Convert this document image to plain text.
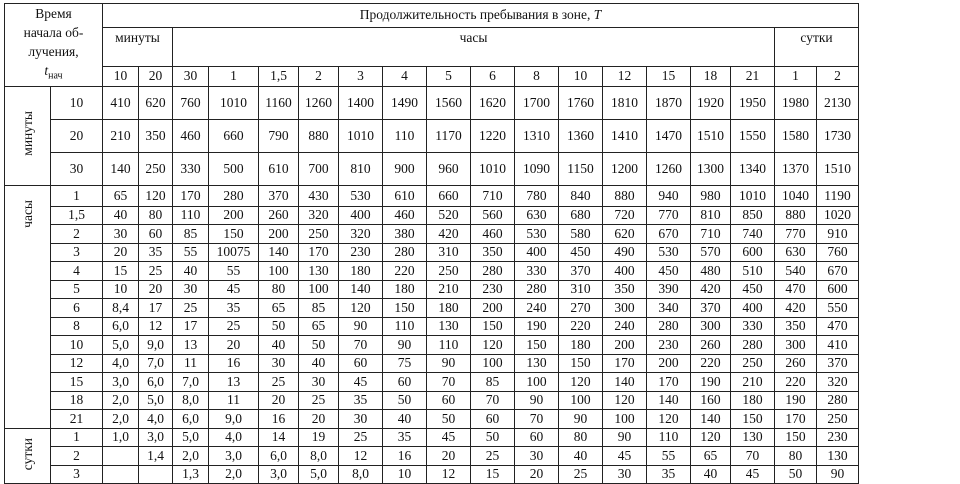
Время
начала об-
лучения,
$t_{нач}$		Продолжительность пребывания в зоне, T																	
		минуты		часы														сутки	
		10	20	30	1	1,5	2	3	4	5	6	8	10	12	15	18	21	1	2
минуты	10	410	620	760	1010	1160	1260	1400	1490	1560	1620	1700	1760	1810	1870	1920	1950	1980	2130
	20	210	350	460	660	790	880	1010	110	1170	1220	1310	1360	1410	1470	1510	1550	1580	1730
	30	140	250	330	500	610	700	810	900	960	1010	1090	1150	1200	1260	1300	1340	1370	1510
часы	1	65	120	170	280	370	430	530	610	660	710	780	840	880	940	980	1010	1040	1190
	1,5	40	80	110	200	260	320	400	460	520	560	630	680	720	770	810	850	880	1020
	2	30	60	85	150	200	250	320	380	420	460	530	580	620	670	710	740	770	910
	3	20	35	55	10075	140	170	230	280	310	350	400	450	490	530	570	600	630	760
	4	15	25	40	55	100	130	180	220	250	280	330	370	400	450	480	510	540	670
	5	10	20	30	45	80	100	140	180	210	230	280	310	350	390	420	450	470	600
	6	8,4	17	25	35	65	85	120	150	180	200	240	270	300	340	370	400	420	550
	8	6,0	12	17	25	50	65	90	110	130	150	190	220	240	280	300	330	350	470
	10	5,0	9,0	13	20	40	50	70	90	110	120	150	180	200	230	260	280	300	410
	12	4,0	7,0	11	16	30	40	60	75	90	100	130	150	170	200	220	250	260	370
	15	3,0	6,0	7,0	13	25	30	45	60	70	85	100	120	140	170	190	210	220	320
	18	2,0	5,0	8,0	11	20	25	35	50	60	70	90	100	120	140	160	180	190	280
	21	2,0	4,0	6,0	9,0	16	20	30	40	50	60	70	90	100	120	140	150	170	250
сутки	1	1,0	3,0	5,0	4,0	14	19	25	35	45	50	60	80	90	110	120	130	150	230
	2		1,4	2,0	3,0	6,0	8,0	12	16	20	25	30	40	45	55	65	70	80	130
	3			1,3	2,0	3,0	5,0	8,0	10	12	15	20	25	30	35	40	45	50	90
